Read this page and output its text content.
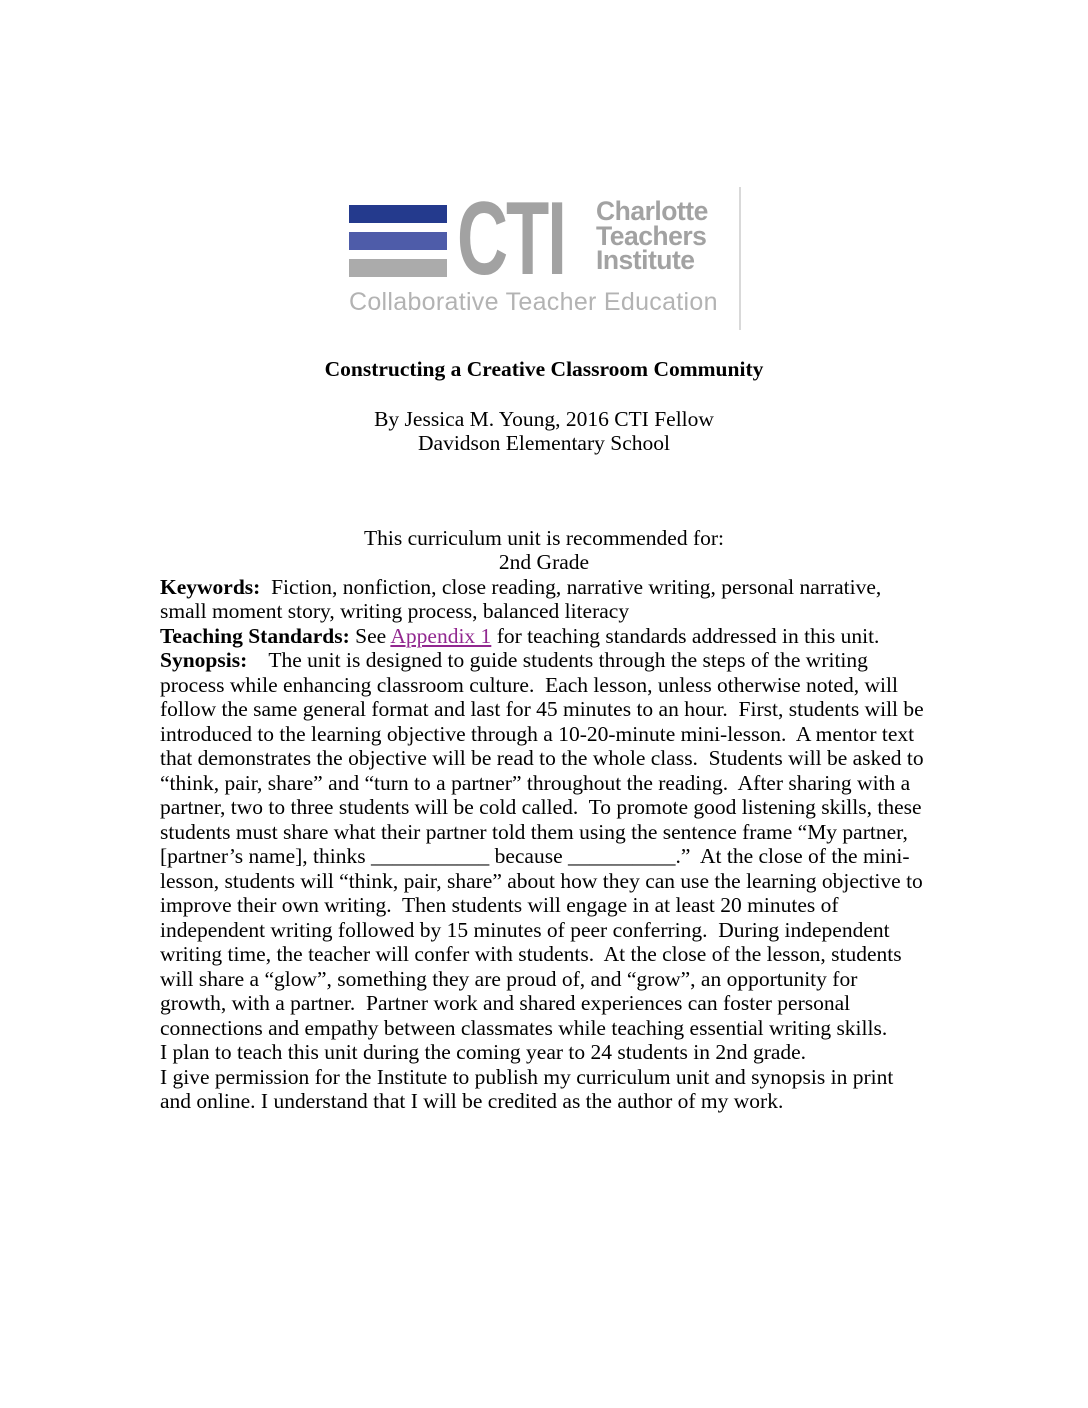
CTI Charlotte
Teachers
Institute
Collaborative Teacher Education
Constructing a Creative Classroom Community
By Jessica M. Young, 2016 CTI Fellow
Davidson Elementary School
This curriculum unit is recommended for:
2nd Grade

Keywords:  Fiction, nonfiction, close reading, narrative writing, personal narrative, small moment story, writing process, balanced literacy

Teaching Standards: See Appendix 1 for teaching standards addressed in this unit.

Synopsis:    The unit is designed to guide students through the steps of the writing process while enhancing classroom culture.  Each lesson, unless otherwise noted, will follow the same general format and last for 45 minutes to an hour.  First, students will be introduced to the learning objective through a 10-20-minute mini-lesson.  A mentor text that demonstrates the objective will be read to the whole class.  Students will be asked to “think, pair, share” and “turn to a partner” throughout the reading.  After sharing with a partner, two to three students will be cold called.  To promote good listening skills, these students must share what their partner told them using the sentence frame “My partner, [partner’s name], thinks ___________ because __________.”  At the close of the mini-lesson, students will “think, pair, share” about how they can use the learning objective to improve their own writing.  Then students will engage in at least 20 minutes of independent writing followed by 15 minutes of peer conferring.  During independent writing time, the teacher will confer with students.  At the close of the lesson, students will share a “glow”, something they are proud of, and “grow”, an opportunity for growth, with a partner.  Partner work and shared experiences can foster personal connections and empathy between classmates while teaching essential writing skills.

I plan to teach this unit during the coming year to 24 students in 2nd grade.

I give permission for the Institute to publish my curriculum unit and synopsis in print and online. I understand that I will be credited as the author of my work.
